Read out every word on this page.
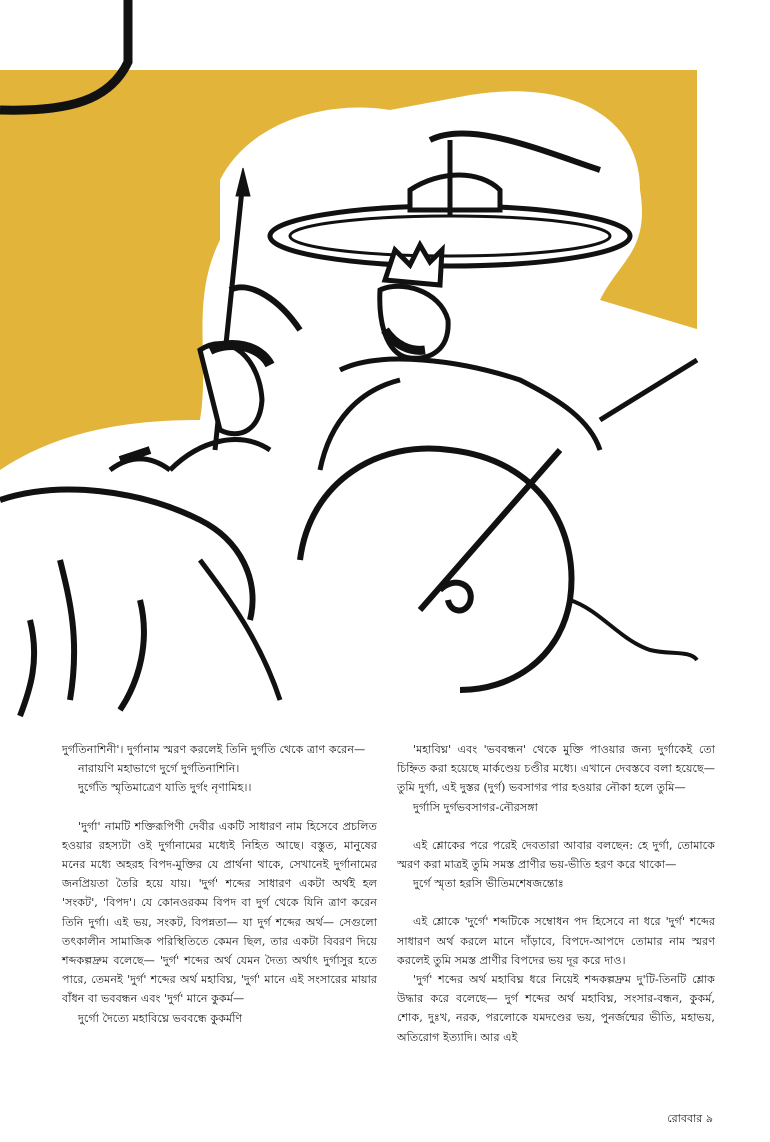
দুর্গতিনাশিনী'। দুর্গানাম স্মরণ করলেই তিনি দুর্গতি থেকে ত্রাণ করেন—

নারায়ণি মহাভাগে দুর্গে দুর্গতিনাশিনি।

দুর্গেতি স্মৃতিমাত্রেণ যাতি দুর্গং নৃণামিহ।।

'দুর্গা' নামটি শক্তিরূপিণী দেবীর একটি সাধারণ নাম হিসেবে প্রচলিত হওয়ার রহস্যটা ওই দুর্গানামের মধ্যেই নিহিত আছে। বস্তুত, মানুষের মনের মধ্যে অহরহ বিপদ-মুক্তির যে প্রার্থনা থাকে, সেখানেই দুর্গানামের জনপ্রিয়তা তৈরি হয়ে যায়। 'দুর্গ' শব্দের সাধারণ একটা অর্থই হল 'সংকট', 'বিপদ'। যে কোনওরকম বিপদ বা দুর্গ থেকে যিনি ত্রাণ করেন তিনি দুর্গা। এই ভয়, সংকট, বিপন্নতা— যা দুর্গ শব্দের অর্থ— সেগুলো তৎকালীন সামাজিক পরিস্থিতিতে কেমন ছিল, তার একটা বিবরণ দিয়ে শব্দকল্পদ্রুম বলেছে— 'দুর্গ' শব্দের অর্থ যেমন দৈত্য অর্থাৎ দুর্গাসুর হতে পারে, তেমনই 'দুর্গ' শব্দের অর্থ মহাবিঘ্ন, 'দুর্গ' মানে এই সংসারের মায়ার বাঁধন বা ভববন্ধন এবং 'দুর্গ' মানে কুকর্ম—

দুর্গো দৈত্যে মহাবিঘ্নে ভববন্ধে কুকর্মণি

'মহাবিঘ্ন' এবং 'ভববন্ধন' থেকে মুক্তি পাওয়ার জন্য দুর্গাকেই তো চিহ্নিত করা হয়েছে মার্কণ্ডেয় চণ্ডীর মধ্যে। এখানে দেবস্তবে বলা হয়েছে— তুমি দুর্গা, এই দুস্তর (দুর্গ) ভবসাগর পার হওয়ার নৌকা হলে তুমি—

দুর্গাসি দুর্গভবসাগর-নৌরসঙ্গা

এই শ্লোকের পরে পরেই দেবতারা আবার বলছেন: হে দুর্গা, তোমাকে স্মরণ করা মাত্রই তুমি সমস্ত প্রাণীর ভয়-ভীতি হরণ করে থাকো—

দুর্গে স্মৃতা হরসি ভীতিমশেষজন্তোঃ

এই শ্লোকে 'দুর্গে' শব্দটিকে সম্বোধন পদ হিসেবে না ধরে 'দুর্গ' শব্দের সাধারণ অর্থ করলে মানে দাঁড়াবে, বিপদে-আপদে তোমার নাম স্মরণ করলেই তুমি সমস্ত প্রাণীর বিপদের ভয় দূর করে দাও।

'দুর্গ' শব্দের অর্থ মহাবিঘ্ন ধরে নিয়েই শব্দকল্পদ্রুম দু'টি-তিনটি শ্লোক উদ্ধার করে বলেছে— দুর্গ শব্দের অর্থ মহাবিঘ্ন, সংসার-বন্ধন, কুকর্ম, শোক, দুঃখ, নরক, পরলোকে যমদণ্ডের ভয়, পুনর্জন্মের ভীতি, মহাভয়, অতিরোগ ইত্যাদি। আর এই

রোববার ৯
